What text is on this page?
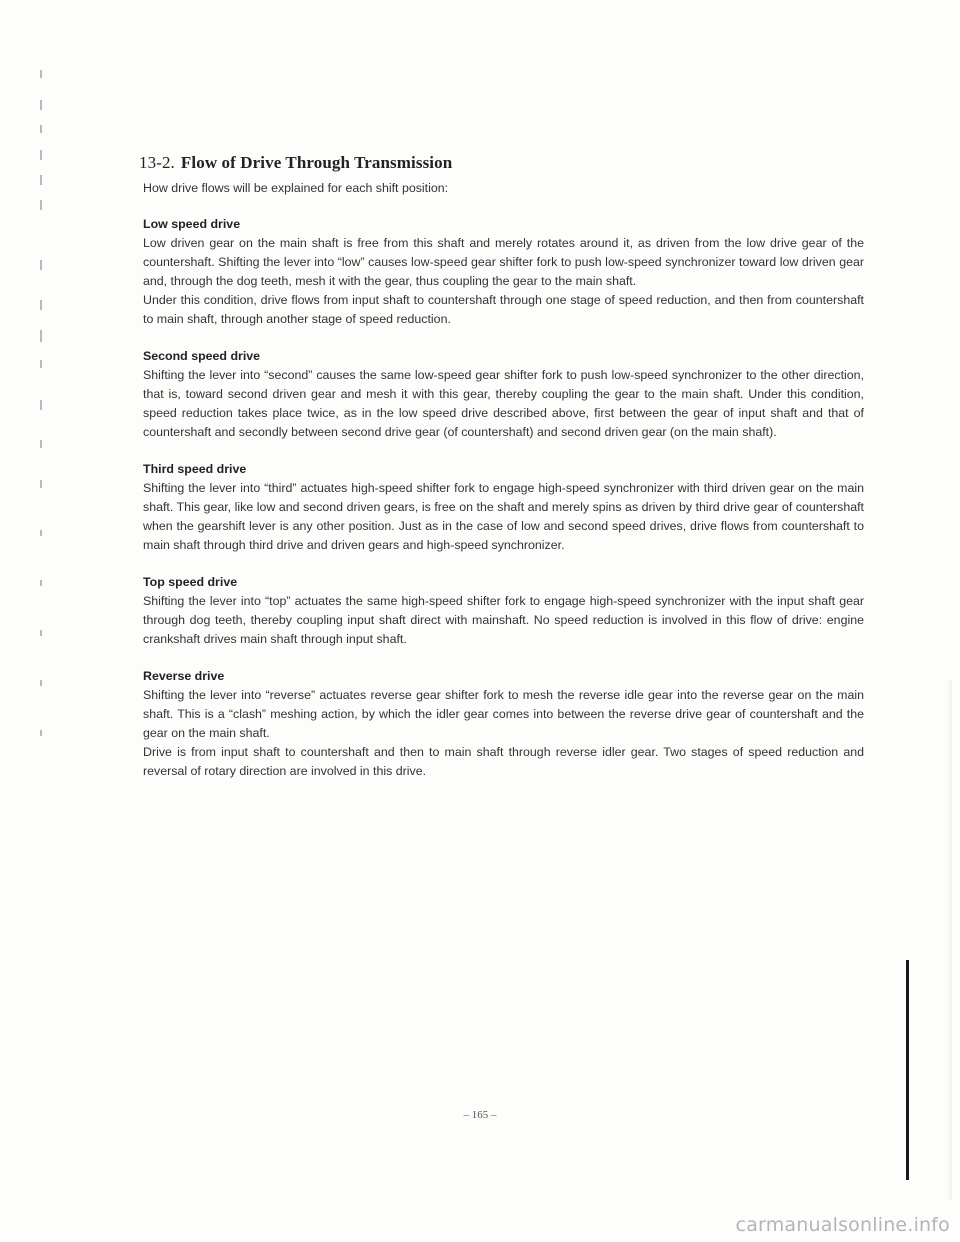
13-2. Flow of Drive Through Transmission

How drive flows will be explained for each shift position:

Low speed drive

Low driven gear on the main shaft is free from this shaft and merely rotates around it, as driven from the low drive gear of the countershaft. Shifting the lever into “low” causes low-speed gear shifter fork to push low-speed synchronizer toward low driven gear and, through the dog teeth, mesh it with the gear, thus coupling the gear to the main shaft.

Under this condition, drive flows from input shaft to countershaft through one stage of speed reduction, and then from countershaft to main shaft, through another stage of speed reduction.

Second speed drive

Shifting the lever into “second” causes the same low-speed gear shifter fork to push low-speed synchronizer to the other direction, that is, toward second driven gear and mesh it with this gear, thereby coupling the gear to the main shaft. Under this condition, speed reduction takes place twice, as in the low speed drive described above, first between the gear of input shaft and that of countershaft and secondly between second drive gear (of countershaft) and second driven gear (on the main shaft).

Third speed drive

Shifting the lever into “third” actuates high-speed shifter fork to engage high-speed synchronizer with third driven gear on the main shaft. This gear, like low and second driven gears, is free on the shaft and merely spins as driven by third drive gear of countershaft when the gearshift lever is any other position. Just as in the case of low and second speed drives, drive flows from countershaft to main shaft through third drive and driven gears and high-speed synchronizer.

Top speed drive

Shifting the lever into “top” actuates the same high-speed shifter fork to engage high-speed synchronizer with the input shaft gear through dog teeth, thereby coupling input shaft direct with mainshaft. No speed reduction is involved in this flow of drive: engine crankshaft drives main shaft through input shaft.

Reverse drive

Shifting the lever into “reverse” actuates reverse gear shifter fork to mesh the reverse idle gear into the reverse gear on the main shaft. This is a “clash” meshing action, by which the idler gear comes into between the reverse drive gear of countershaft and the gear on the main shaft.

Drive is from input shaft to countershaft and then to main shaft through reverse idler gear. Two stages of speed reduction and reversal of rotary direction are involved in this drive.

– 165 –
carmanualsonline.info
